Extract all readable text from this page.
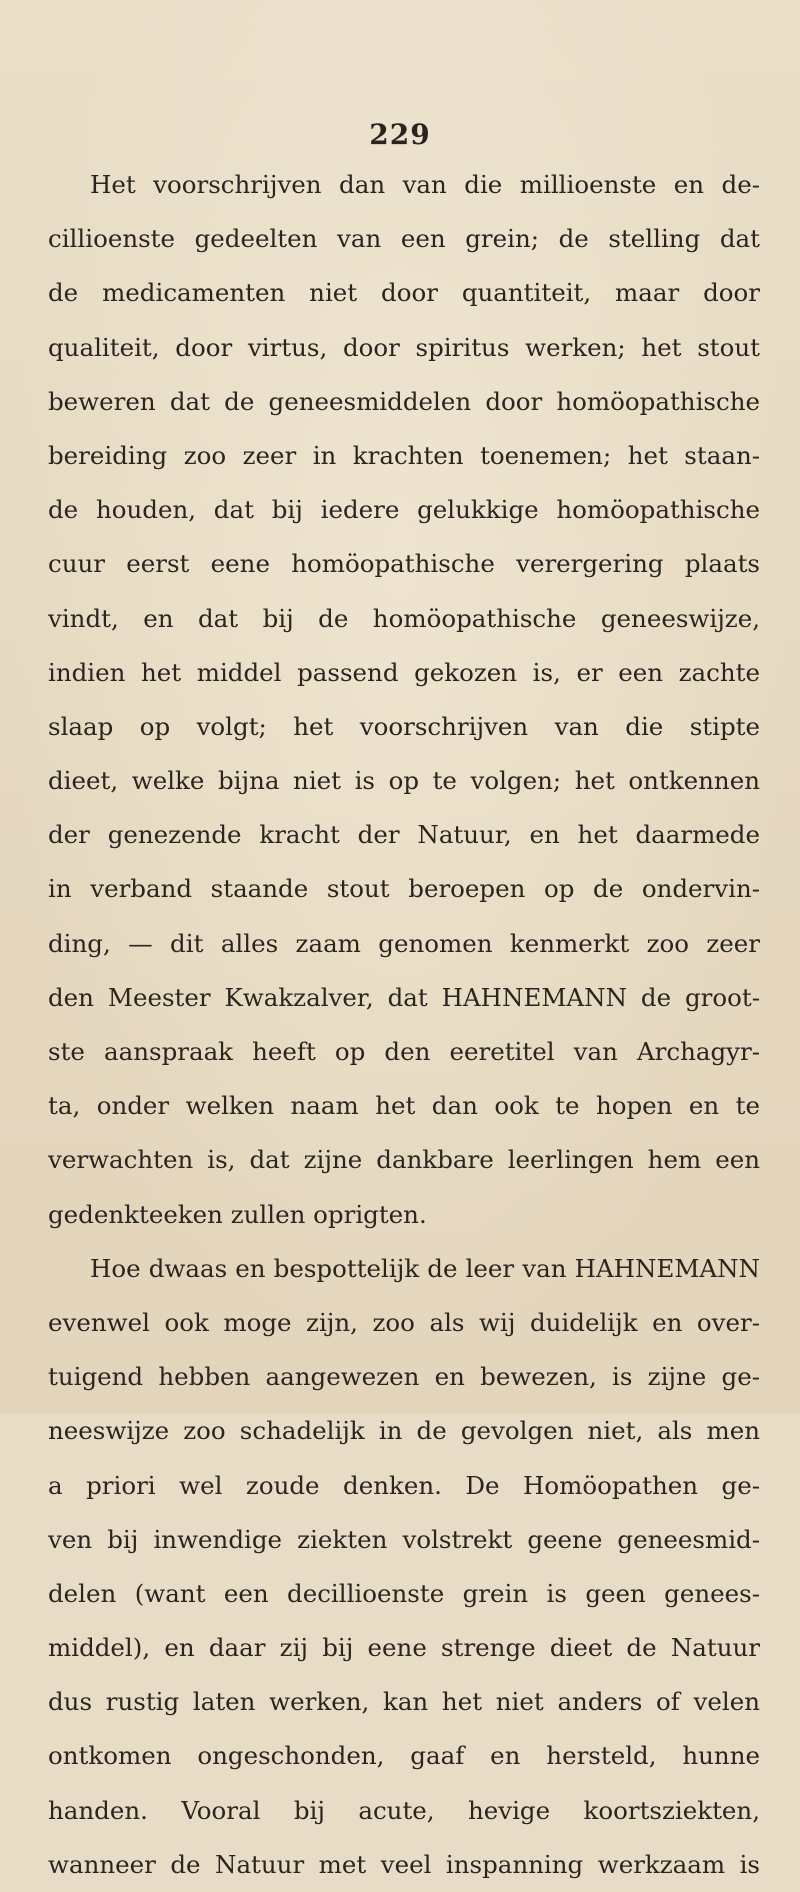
229
Het voorschrijven dan van die millioenste en de-
cillioenste gedeelten van een grein; de stelling dat
de medicamenten niet door quantiteit, maar door
qualiteit, door virtus, door spiritus werken; het stout
beweren dat de geneesmiddelen door homöopathische
bereiding zoo zeer in krachten toenemen; het staan-
de houden, dat bij iedere gelukkige homöopathische
cuur eerst eene homöopathische verergering plaats
vindt, en dat bij de homöopathische geneeswijze,
indien het middel passend gekozen is, er een zachte
slaap op volgt; het voorschrijven van die stipte
dieet, welke bijna niet is op te volgen; het ontkennen
der genezende kracht der Natuur, en het daarmede
in verband staande stout beroepen op de ondervin-
ding, — dit alles zaam genomen kenmerkt zoo zeer
den Meester Kwakzalver, dat HAHNEMANN de groot-
ste aanspraak heeft op den eeretitel van Archagyr-
ta, onder welken naam het dan ook te hopen en te
verwachten is, dat zijne dankbare leerlingen hem een
gedenkteeken zullen oprigten.
Hoe dwaas en bespottelijk de leer van HAHNEMANN
evenwel ook moge zijn, zoo als wij duidelijk en over-
tuigend hebben aangewezen en bewezen, is zijne ge-
neeswijze zoo schadelijk in de gevolgen niet, als men
a priori wel zoude denken. De Homöopathen ge-
ven bij inwendige ziekten volstrekt geene geneesmid-
delen (want een decillioenste grein is geen genees-
middel), en daar zij bij eene strenge dieet de Natuur
dus rustig laten werken, kan het niet anders of velen
ontkomen ongeschonden, gaaf en hersteld, hunne
handen. Vooral bij acute, hevige koortsziekten,
wanneer de Natuur met veel inspanning werkzaam is
